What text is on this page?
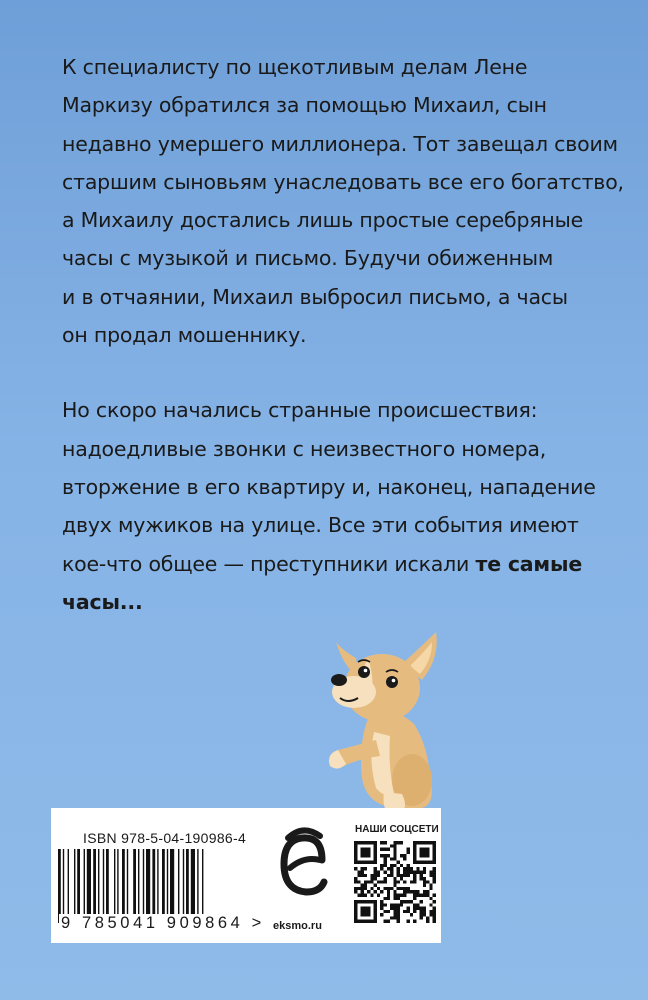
К специалисту по щекотливым делам Лене
Маркизу обратился за помощью Михаил, сын
недавно умершего миллионера. Тот завещал своим
старшим сыновьям унаследовать все его богатство,
а Михаилу достались лишь простые серебряные
часы с музыкой и письмо. Будучи обиженным
и в отчаянии, Михаил выбросил письмо, а часы
он продал мошеннику.

Но скоро начались странные происшествия:
надоедливые звонки с неизвестного номера,
вторжение в его квартиру и, наконец, нападение
двух мужиков на улице. Все эти события имеют
кое-что общее — преступники искали те самые
часы...

ISBN 978-5-04-190986-4
9 785041 909864 > eksmo.ru
НАШИ СОЦСЕТИ
